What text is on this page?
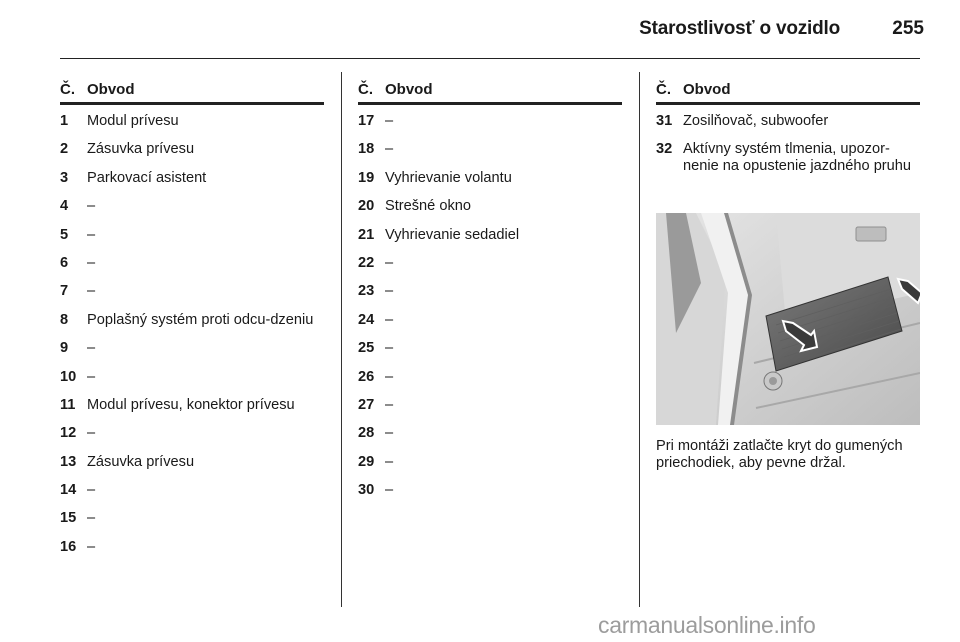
Starostlivosť o vozidlo	255
Č. Obvod
1 Modul prívesu
2 Zásuvka prívesu
3 Parkovací asistent
4 –
5 –
6 –
7 –
8 Poplašný systém proti odcu-dzeniu
9 –
10 –
11 Modul prívesu, konektor prívesu
12 –
13 Zásuvka prívesu
14 –
15 –
16 –
Č. Obvod
17 –
18 –
19 Vyhrievanie volantu
20 Strešné okno
21 Vyhrievanie sedadiel
22 –
23 –
24 –
25 –
26 –
27 –
28 –
29 –
30 –
Č. Obvod
31 Zosilňovač, subwoofer
32 Aktívny systém tlmenia, upozor-nenie na opustenie jazdného pruhu
Pri montáži zatlačte kryt do gumených priechodiek, aby pevne držal.
carmanualsonline.info
